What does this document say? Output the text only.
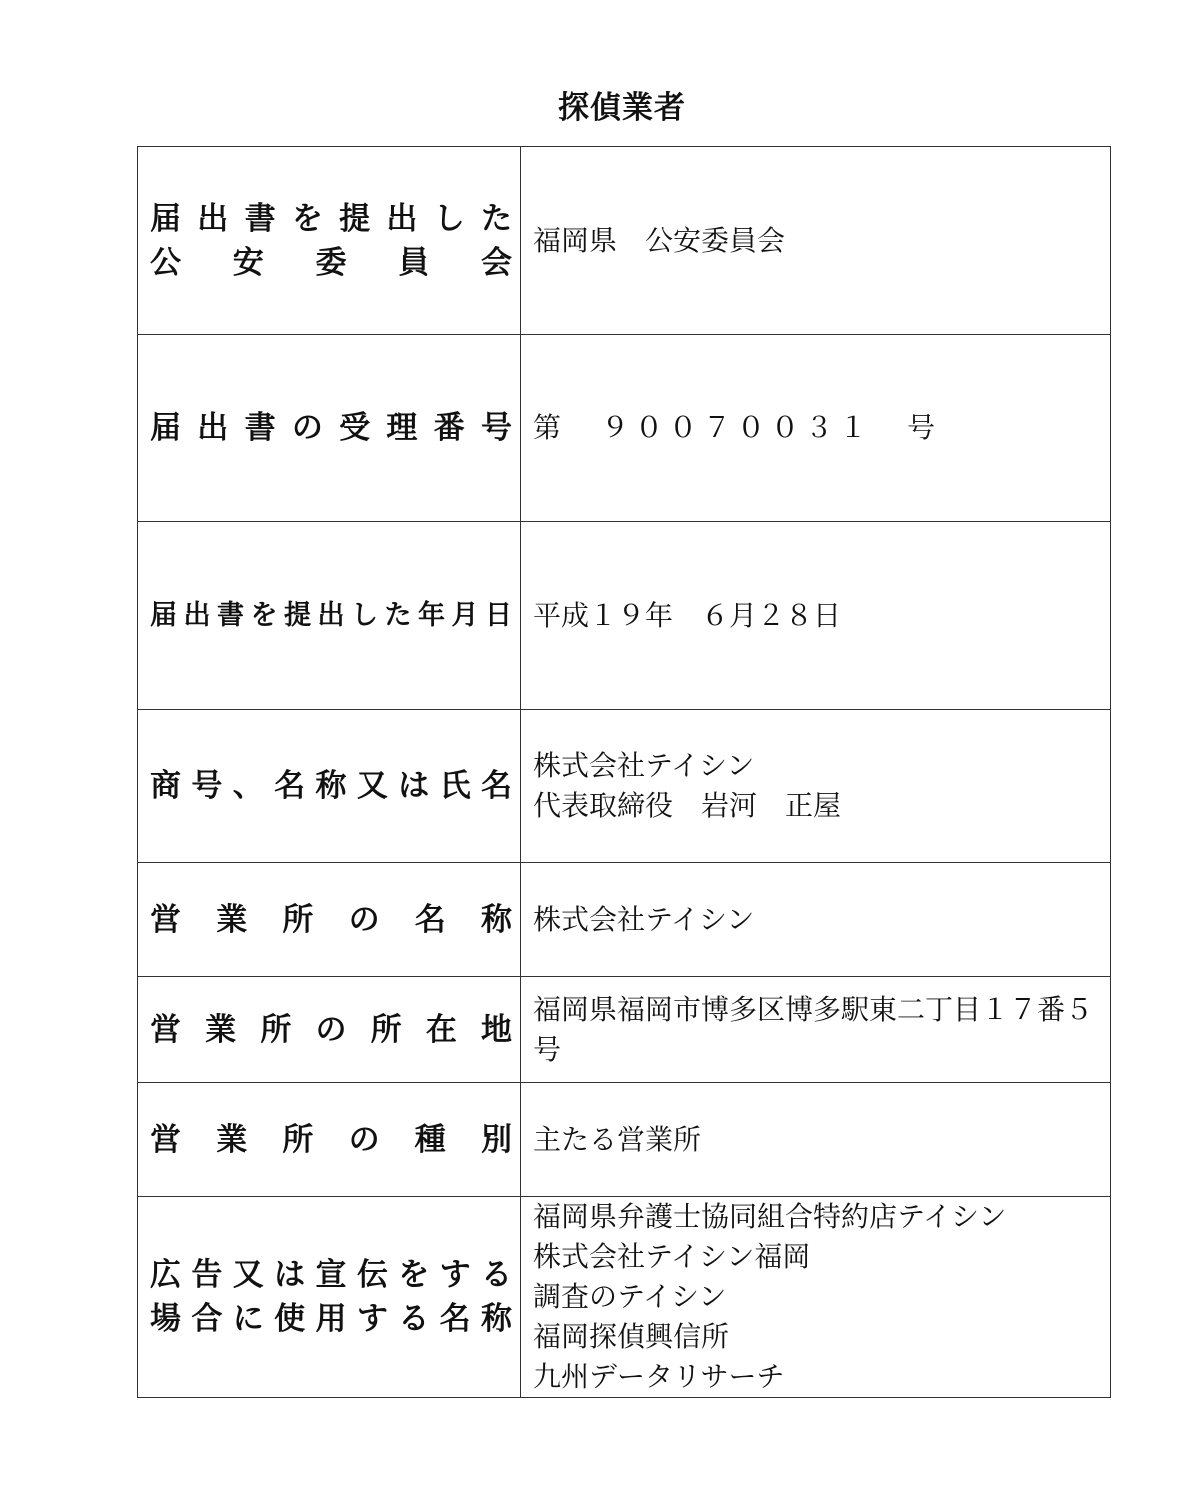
探偵業者
届出書を提出した
公　安　委　員　会	福岡県　公安委員会

届出書の受理番号	第　９００７００３１　号

届出書を提出した年月日	平成１９年　６月２８日

商号、名称又は氏名	株式会社テイシン
代表取締役　岩河　正屋

営業所の名称	株式会社テイシン

営業所の所在地	福岡県福岡市博多区博多駅東二丁目１７番５号

営業所の種別	主たる営業所

広告又は宣伝をする
場合に使用する名称	福岡県弁護士協同組合特約店テイシン
株式会社テイシン福岡
調査のテイシン
福岡探偵興信所
九州データリサーチ
